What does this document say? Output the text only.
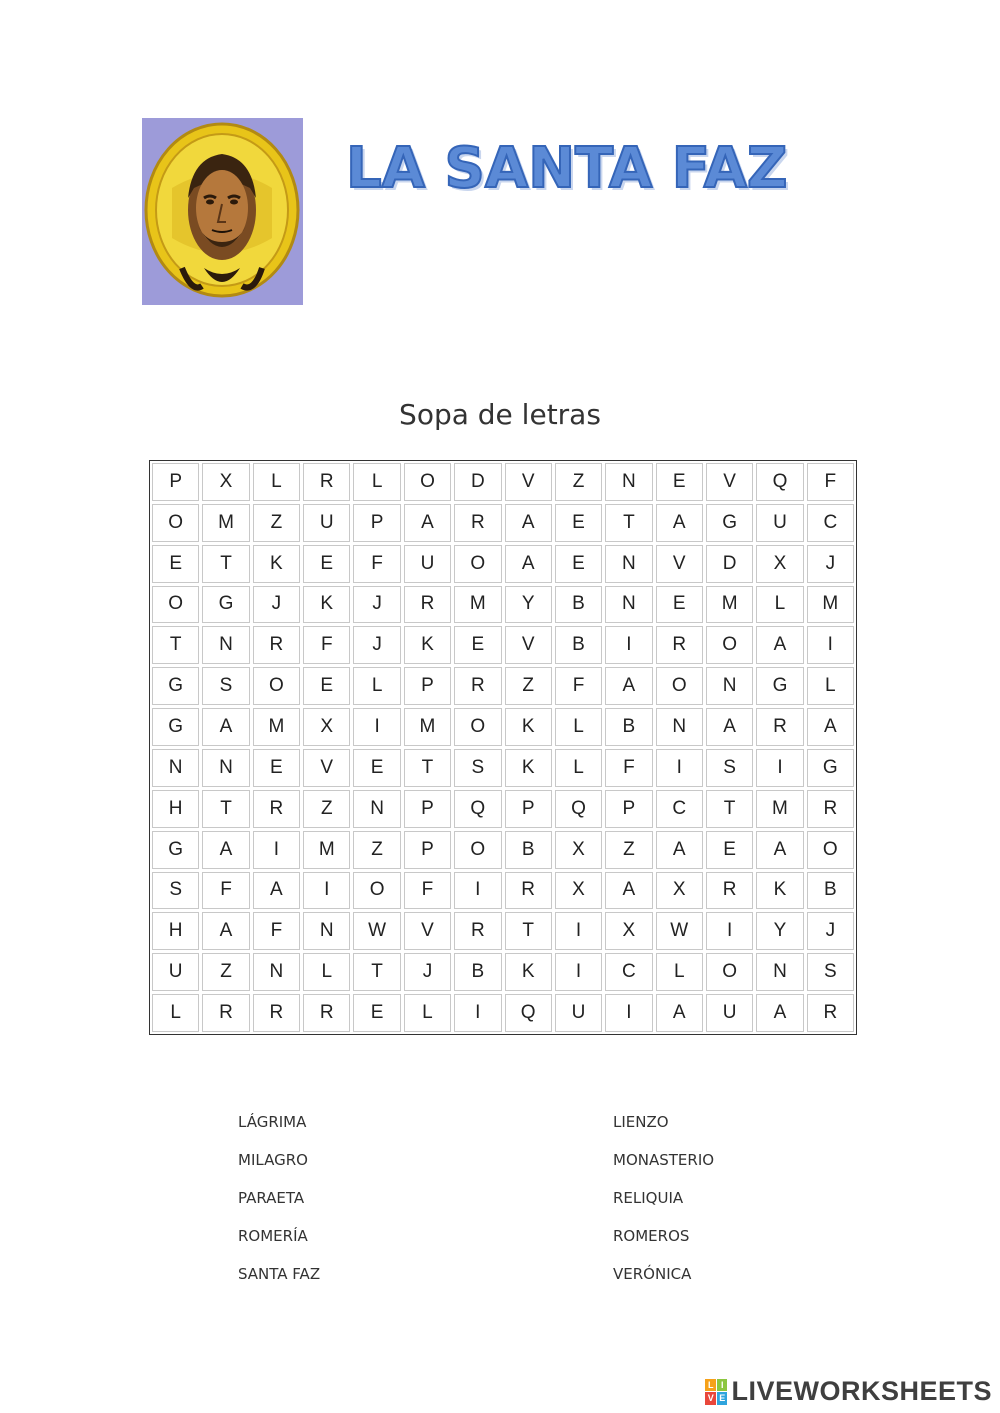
LA SANTA FAZ
Sopa de letras
P	X	L	R	L	O	D	V	Z	N	E	V	Q	F
O	M	Z	U	P	A	R	A	E	T	A	G	U	C
E	T	K	E	F	U	O	A	E	N	V	D	X	J
O	G	J	K	J	R	M	Y	B	N	E	M	L	M
T	N	R	F	J	K	E	V	B	I	R	O	A	I
G	S	O	E	L	P	R	Z	F	A	O	N	G	L
G	A	M	X	I	M	O	K	L	B	N	A	R	A
N	N	E	V	E	T	S	K	L	F	I	S	I	G
H	T	R	Z	N	P	Q	P	Q	P	C	T	M	R
G	A	I	M	Z	P	O	B	X	Z	A	E	A	O
S	F	A	I	O	F	I	R	X	A	X	R	K	B
H	A	F	N	W	V	R	T	I	X	W	I	Y	J
U	Z	N	L	T	J	B	K	I	C	L	O	N	S
L	R	R	R	E	L	I	Q	U	I	A	U	A	R
LÁGRIMA
MILAGRO
PARAETA
ROMERÍA
SANTA FAZ
LIENZO
MONASTERIO
RELIQUIA
ROMEROS
VERÓNICA
L I
V E LIVEWORKSHEETS
